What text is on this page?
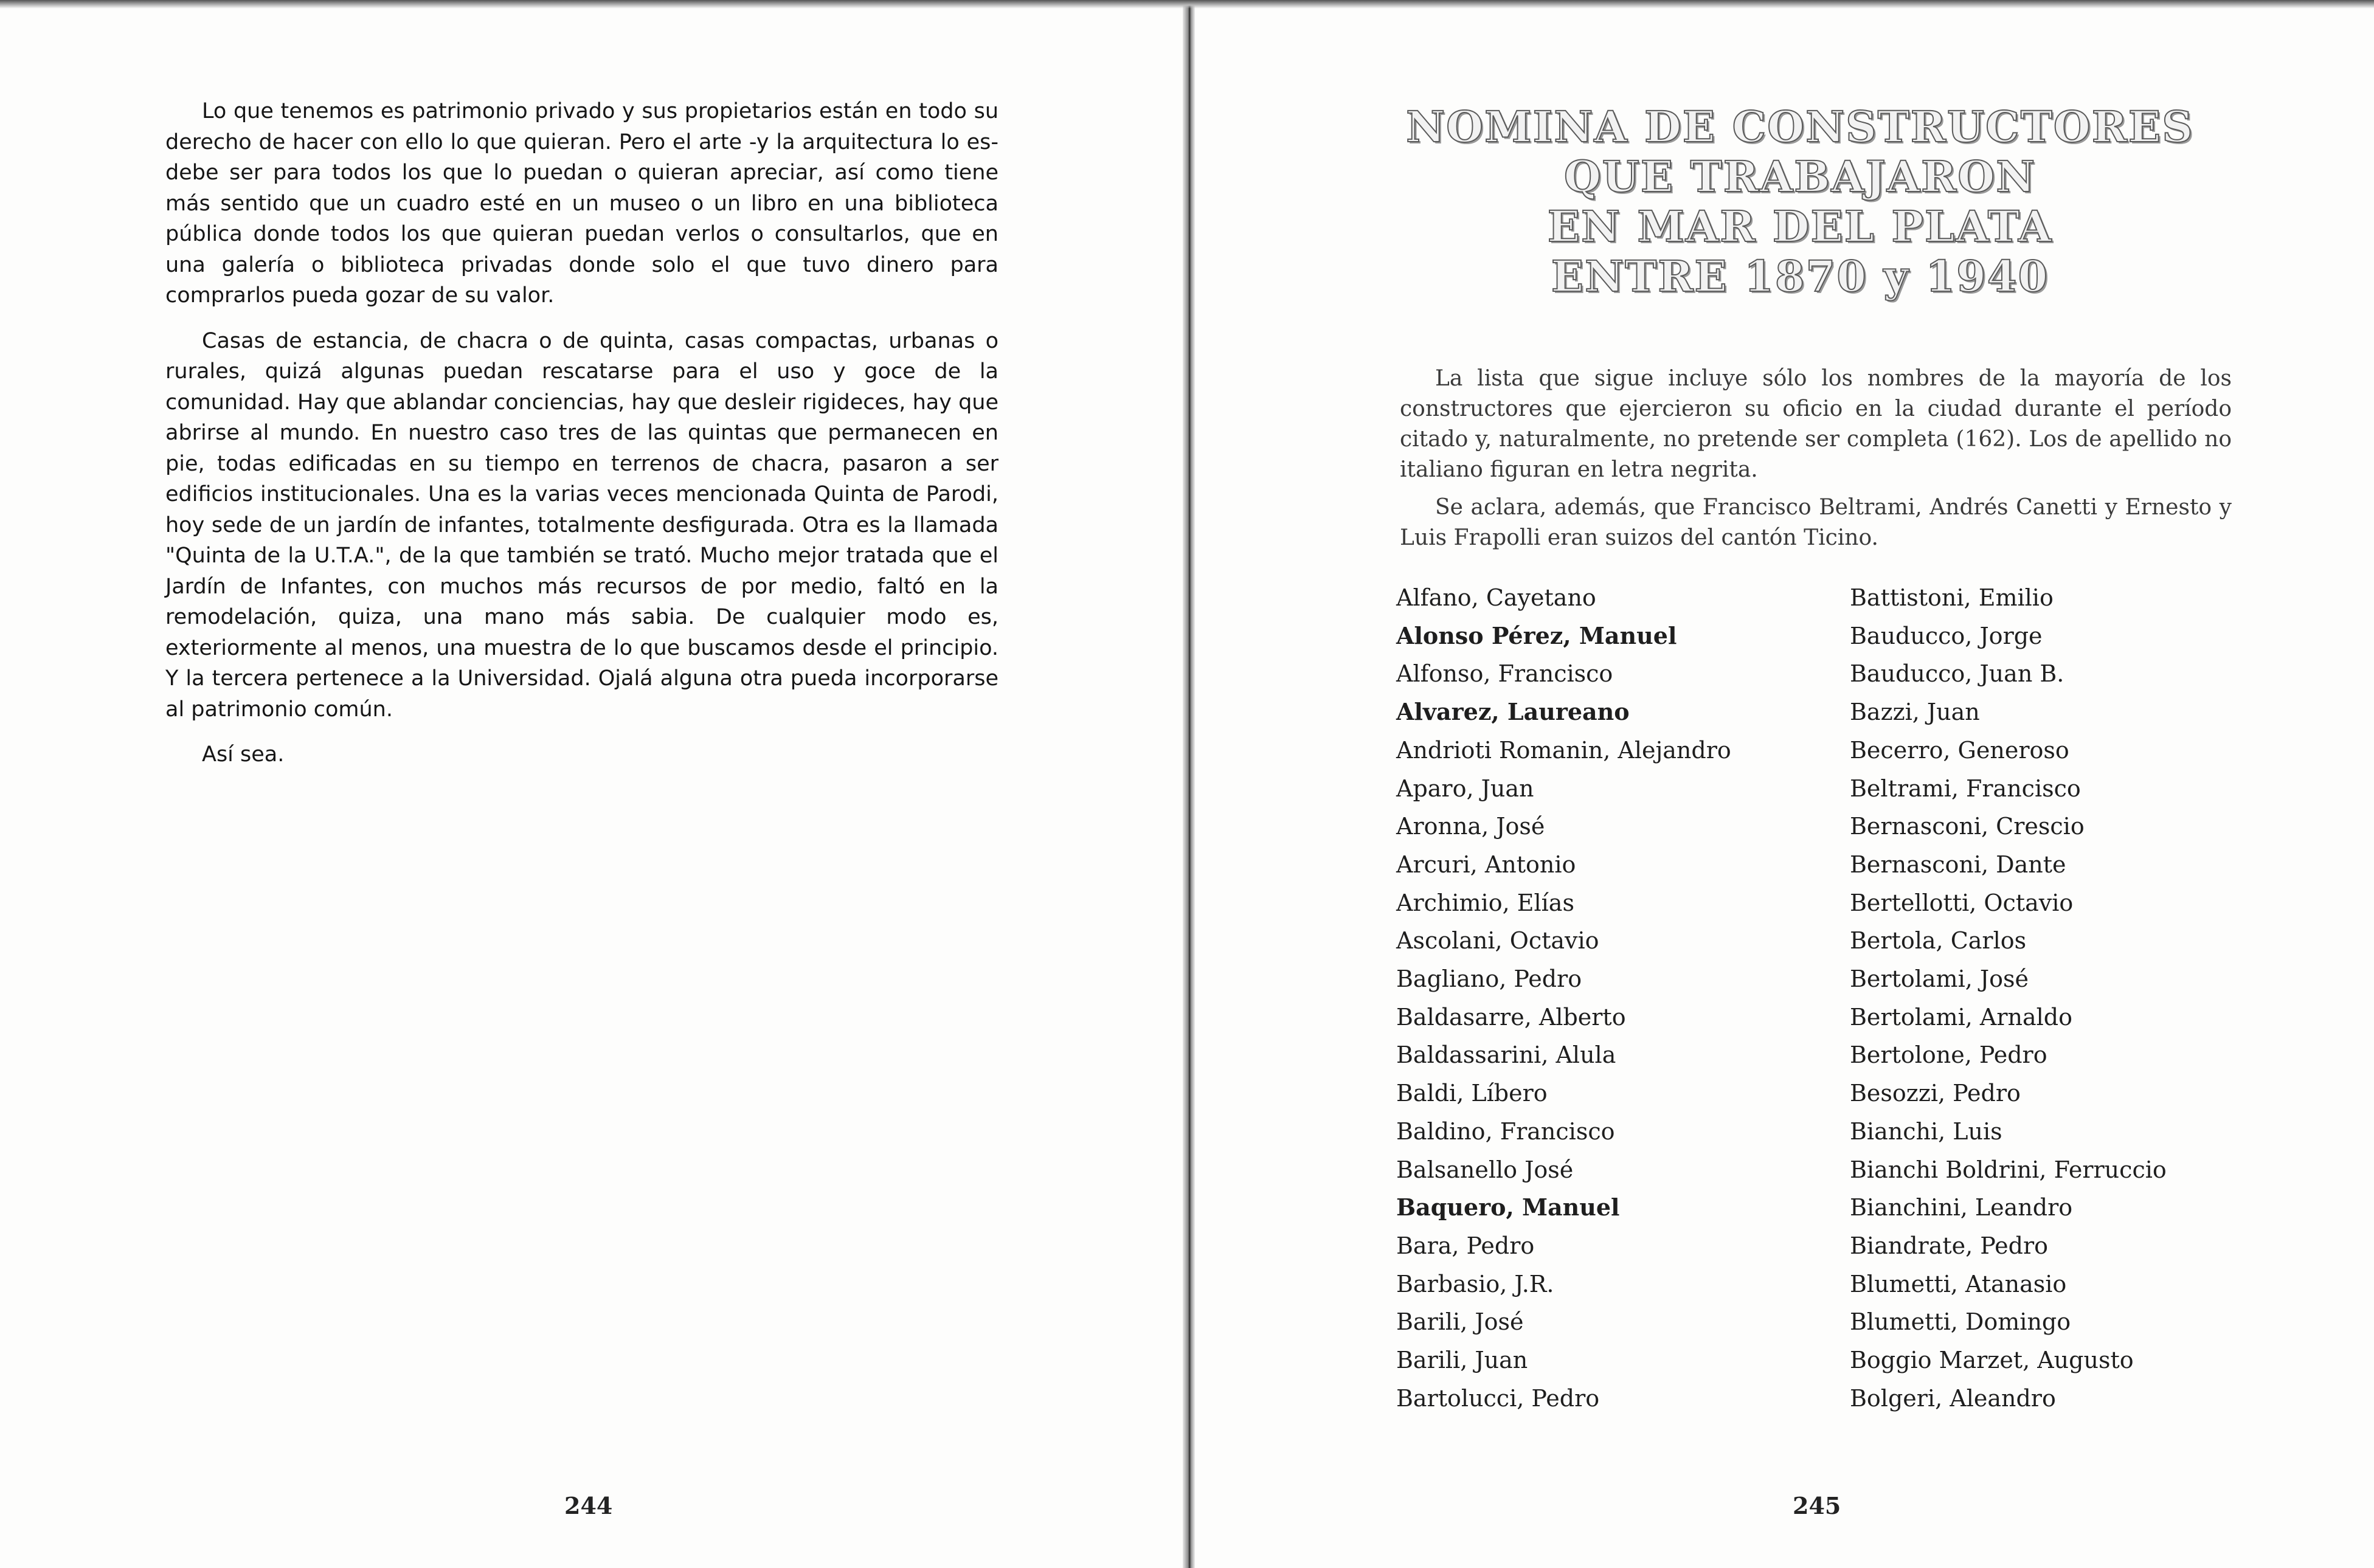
Lo que tenemos es patrimonio privado y sus propietarios están en todo su derecho de hacer con ello lo que quieran. Pero el arte -y la arquitectura lo es- debe ser para todos los que lo puedan o quieran apreciar, así como tiene más sentido que un cuadro esté en un museo o un libro en una biblioteca pública donde todos los que quieran puedan verlos o consultarlos, que en una galería o biblioteca privadas donde solo el que tuvo dinero para comprarlos pueda gozar de su valor.

Casas de estancia, de chacra o de quinta, casas compactas, urbanas o rurales, quizá algunas puedan rescatarse para el uso y goce de la comunidad. Hay que ablandar conciencias, hay que desleir rigideces, hay que abrirse al mundo. En nuestro caso tres de las quintas que permanecen en pie, todas edificadas en su tiempo en terrenos de chacra, pasaron a ser edificios institucionales. Una es la varias veces mencionada Quinta de Parodi, hoy sede de un jardín de infantes, totalmente desfigurada. Otra es la llamada "Quinta de la U.T.A.", de la que también se trató. Mucho mejor tratada que el Jardín de Infantes, con muchos más recursos de por medio, faltó en la remodelación, quiza, una mano más sabia. De cualquier modo es, exteriormente al menos, una muestra de lo que buscamos desde el principio. Y la tercera pertenece a la Universidad. Ojalá alguna otra pueda incorporarse al patrimonio común.

Así sea.

244
NOMINA DE CONSTRUCTORES
QUE TRABAJARON
EN MAR DEL PLATA
ENTRE 1870 y 1940

La lista que sigue incluye sólo los nombres de la mayoría de los constructores que ejercieron su oficio en la ciudad durante el período citado y, naturalmente, no pretende ser completa (162). Los de apellido no italiano figuran en letra negrita.

Se aclara, además, que Francisco Beltrami, Andrés Canetti y Ernesto y Luis Frapolli eran suizos del cantón Ticino.

Alfano, Cayetano
Alonso Pérez, Manuel
Alfonso, Francisco
Alvarez, Laureano
Andrioti Romanin, Alejandro
Aparo, Juan
Aronna, José
Arcuri, Antonio
Archimio, Elías
Ascolani, Octavio
Bagliano, Pedro
Baldasarre, Alberto
Baldassarini, Alula
Baldi, Líbero
Baldino, Francisco
Balsanello José
Baquero, Manuel
Bara, Pedro
Barbasio, J.R.
Barili, José
Barili, Juan
Bartolucci, Pedro
Battistoni, Emilio
Bauducco, Jorge
Bauducco, Juan B.
Bazzi, Juan
Becerro, Generoso
Beltrami, Francisco
Bernasconi, Crescio
Bernasconi, Dante
Bertellotti, Octavio
Bertola, Carlos
Bertolami, José
Bertolami, Arnaldo
Bertolone, Pedro
Besozzi, Pedro
Bianchi, Luis
Bianchi Boldrini, Ferruccio
Bianchini, Leandro
Biandrate, Pedro
Blumetti, Atanasio
Blumetti, Domingo
Boggio Marzet, Augusto
Bolgeri, Aleandro
245
